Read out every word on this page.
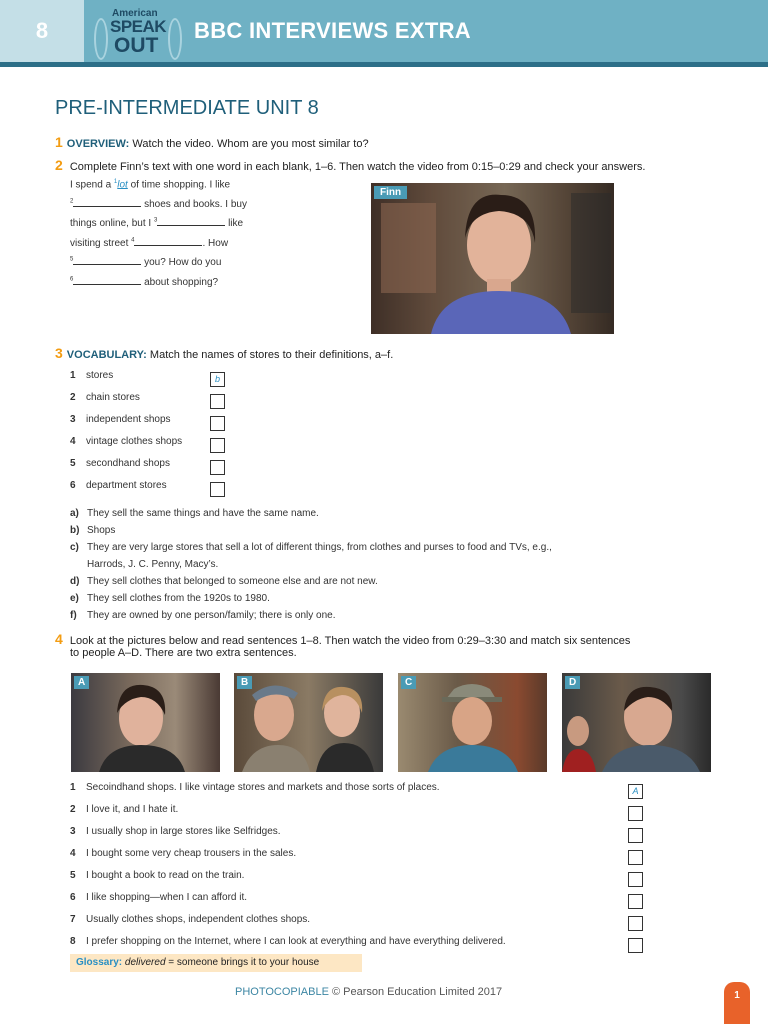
8
American
SPEAK
OUT
BBC INTERVIEWS EXTRA
PRE-INTERMEDIATE UNIT 8
1 OVERVIEW: Watch the video. Whom are you most similar to?
2 Complete Finn’s text with one word in each blank, 1–6. Then watch the video from 0:15–0:29 and check your answers.
I spend a $^1$lot of time shopping. I like
$^2$	shoes and books. I buy
things online, but I $^3$	like
visiting street $^4$	. How
$^5$	you? How do you
$^6$	about shopping?
Finn
3 VOCABULARY: Match the names of stores to their definitions, a–f.
1 stores	b
2 chain stores
3 independent shops
4 vintage clothes shops
5 secondhand shops
6 department stores
a) They sell the same things and have the same name.
b) Shops
c) They are very large stores that sell a lot of different things, from clothes and purses to food and TVs, e.g.,
Harrods, J. C. Penny, Macy’s.
d) They sell clothes that belonged to someone else and are not new.
e) They sell clothes from the 1920s to 1980.
f) They are owned by one person/family; there is only one.
4 Look at the pictures below and read sentences 1–8. Then watch the video from 0:29–3:30 and match six sentences
to people A–D. There are two extra sentences.
A	B	C	D
1 Secoindhand shops. I like vintage stores and markets and those sorts of places.	A
2 I love it, and I hate it.
3 I usually shop in large stores like Selfridges.
4 I bought some very cheap trousers in the sales.
5 I bought a book to read on the train.
6 I like shopping—when I can afford it.
7 Usually clothes shops, independent clothes shops.
8 I prefer shopping on the Internet, where I can look at everything and have everything delivered.
Glossary: delivered = someone brings it to your house
PHOTOCOPIABLE © Pearson Education Limited 2017	1
